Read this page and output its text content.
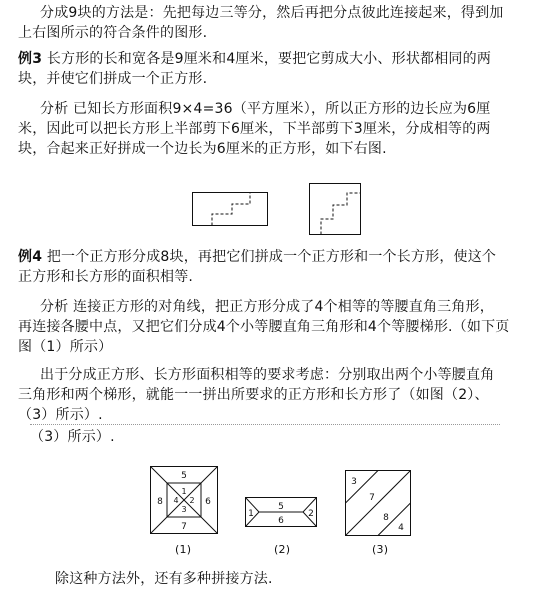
分成9块的方法是：先把每边三等分，然后再把分点彼此连接起来，得到加
上右图所示的符合条件的图形.
例3 长方形的长和宽各是9厘米和4厘米，要把它剪成大小、形状都相同的两
块，并使它们拼成一个正方形.
分析 已知长方形面积9×4=36（平方厘米），所以正方形的边长应为6厘
米，因此可以把长方形上半部剪下6厘米，下半部剪下3厘米，分成相等的两
块，合起来正好拼成一个边长为6厘米的正方形，如下右图.
例4 把一个正方形分成8块，再把它们拼成一个正方形和一个长方形，使这个
正方形和长方形的面积相等.
分析 连接正方形的对角线，把正方形分成了4个相等的等腰直角三角形，
再连接各腰中点，又把它们分成4个小等腰直角三角形和4个等腰梯形.（如下页
图（1）所示）
出于分成正方形、长方形面积相等的要求考虑：分别取出两个小等腰直角
三角形和两个梯形，就能一一拼出所要求的正方形和长方形了（如图（2）、
（3）所示）.
（3）所示）.
5
8	6
7
1
4 2
3	1
5
6
2
3
7
8
4
(1)	(2)	(3)
除这种方法外，还有多种拼接方法.
